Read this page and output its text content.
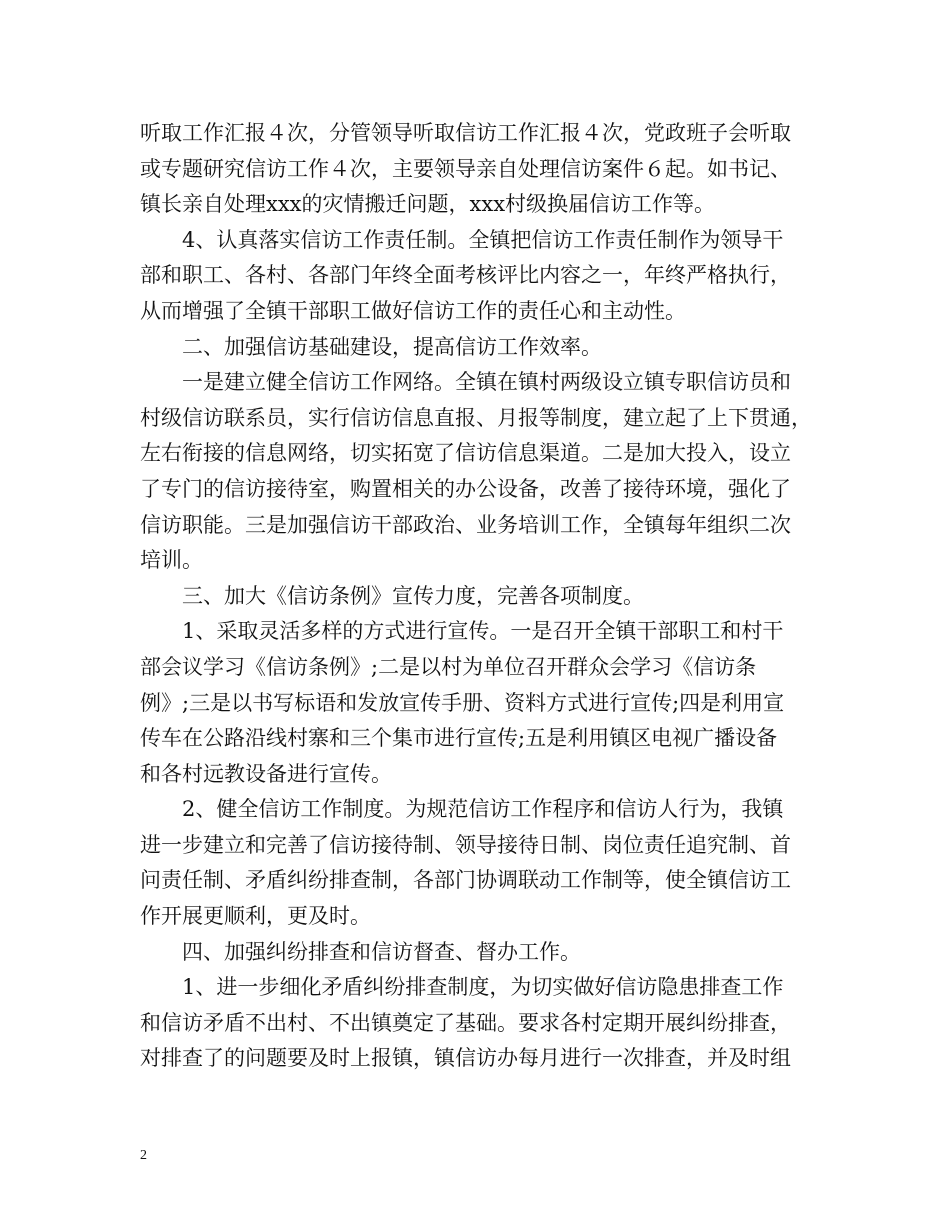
听取工作汇报４次，分管领导听取信访工作汇报４次，党政班子会听取
或专题研究信访工作４次，主要领导亲自处理信访案件６起。如书记、
镇长亲自处理xxx的灾情搬迁问题，xxx村级换届信访工作等。
4、认真落实信访工作责任制。全镇把信访工作责任制作为领导干
部和职工、各村、各部门年终全面考核评比内容之一，年终严格执行，
从而增强了全镇干部职工做好信访工作的责任心和主动性。
二、加强信访基础建设，提高信访工作效率。
一是建立健全信访工作网络。全镇在镇村两级设立镇专职信访员和
村级信访联系员，实行信访信息直报、月报等制度，建立起了上下贯通，
左右衔接的信息网络，切实拓宽了信访信息渠道。二是加大投入，设立
了专门的信访接待室，购置相关的办公设备，改善了接待环境，强化了
信访职能。三是加强信访干部政治、业务培训工作，全镇每年组织二次
培训。
三、加大《信访条例》宣传力度，完善各项制度。
1、采取灵活多样的方式进行宣传。一是召开全镇干部职工和村干
部会议学习《信访条例》;二是以村为单位召开群众会学习《信访条
例》;三是以书写标语和发放宣传手册、资料方式进行宣传;四是利用宣
传车在公路沿线村寨和三个集市进行宣传;五是利用镇区电视广播设备
和各村远教设备进行宣传。
2、健全信访工作制度。为规范信访工作程序和信访人行为，我镇
进一步建立和完善了信访接待制、领导接待日制、岗位责任追究制、首
问责任制、矛盾纠纷排查制，各部门协调联动工作制等，使全镇信访工
作开展更顺利，更及时。
四、加强纠纷排查和信访督查、督办工作。
1、进一步细化矛盾纠纷排查制度，为切实做好信访隐患排查工作
和信访矛盾不出村、不出镇奠定了基础。要求各村定期开展纠纷排查，
对排查了的问题要及时上报镇，镇信访办每月进行一次排查，并及时组
2
